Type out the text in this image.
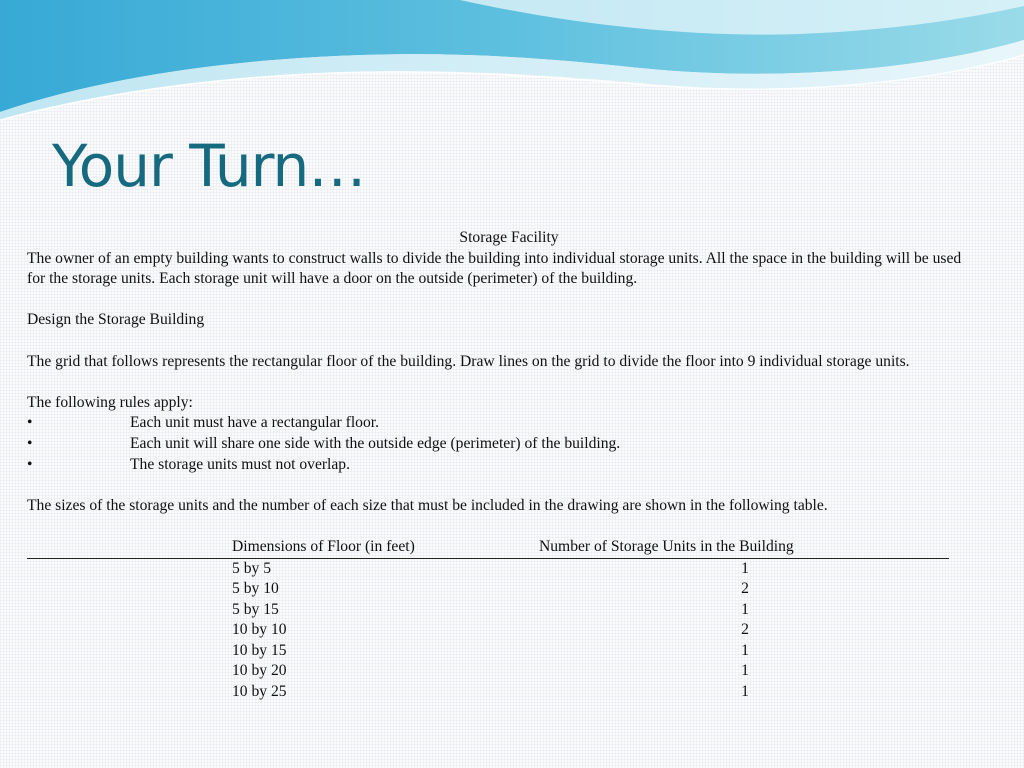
Your Turn…
Storage Facility
The owner of an empty building wants to construct walls to divide the building into individual storage units. All the space in the building will be used for the storage units. Each storage unit will have a door on the outside (perimeter) of the building.
Design the Storage Building
The grid that follows represents the rectangular floor of the building. Draw lines on the grid to divide the floor into 9 individual storage units.
The following rules apply:
•	Each unit must have a rectangular floor.
•	Each unit will share one side with the outside edge (perimeter) of the building.
•	The storage units must not overlap.
The sizes of the storage units and the number of each size that must be included in the drawing are shown in the following table.
Dimensions of Floor (in feet)	Number of Storage Units in the Building
5 by 5	1
5 by 10	2
5 by 15	1
10 by 10	2
10 by 15	1
10 by 20	1
10 by 25	1
